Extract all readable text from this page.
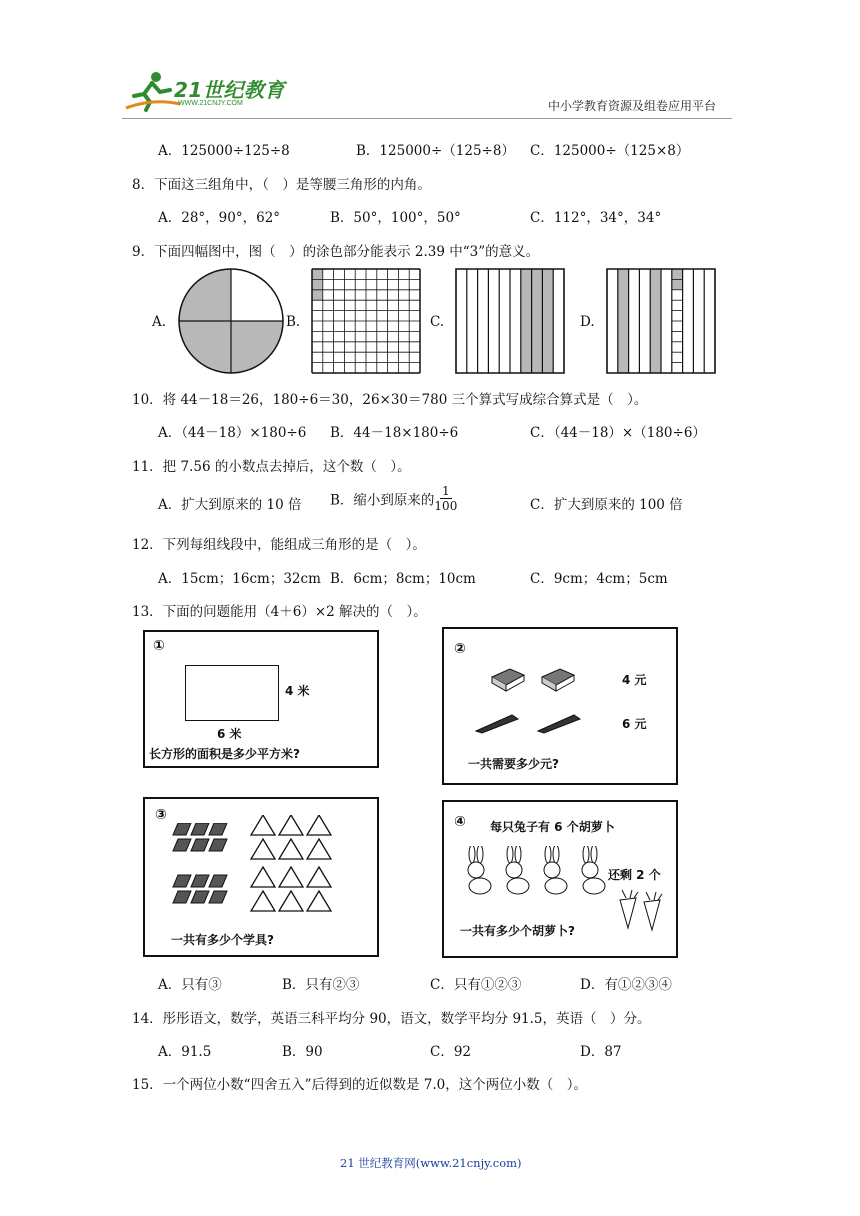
21世纪教育
WWW.21CNJY.COM	中小学教育资源及组卷应用平台
A．125000÷125÷8	B．125000÷（125÷8） C．125000÷（125×8）
8．下面这三组角中，（　）是等腰三角形的内角。
A．28°，90°，62°	B．50°，100°，50°	C．112°，34°，34°
9．下面四幅图中，图（　）的涂色部分能表示 2.39 中“3”的意义。
A.	B.	C.	D.
10．将 44－18＝26，180÷6＝30，26×30＝780 三个算式写成综合算式是（　）。
A．（44－18）×180÷6 B．44－18×180÷6	C．（44－18）×（180÷6）
11．把 7.56 的小数点去掉后，这个数（　）。
A．扩大到原来的 10 倍 B．缩小到原来的 $\frac{1}{100}$	C．扩大到原来的 100 倍
12．下列每组线段中，能组成三角形的是（　）。
A．15cm；16cm；32cm B．6cm；8cm；10cm	C．9cm；4cm；5cm
13．下面的问题能用（4＋6）×2 解决的（　）。
①
4 米
6 米
长方形的面积是多少平方米?
②
4 元
6 元
一共需要多少元?
③
一共有多少个学具?
④ 每只兔子有 6 个胡萝卜
还剩 2 个
一共有多少个胡萝卜?
A．只有③	B．只有②③	C．只有①②③	D．有①②③④
14．彤彤语文，数学，英语三科平均分 90，语文，数学平均分 91.5，英语（　）分。
A．91.5	B．90	C．92	D．87
15．一个两位小数“四舍五入”后得到的近似数是 7.0，这个两位小数（　）。
21 世纪教育网(www.21cnjy.com)
